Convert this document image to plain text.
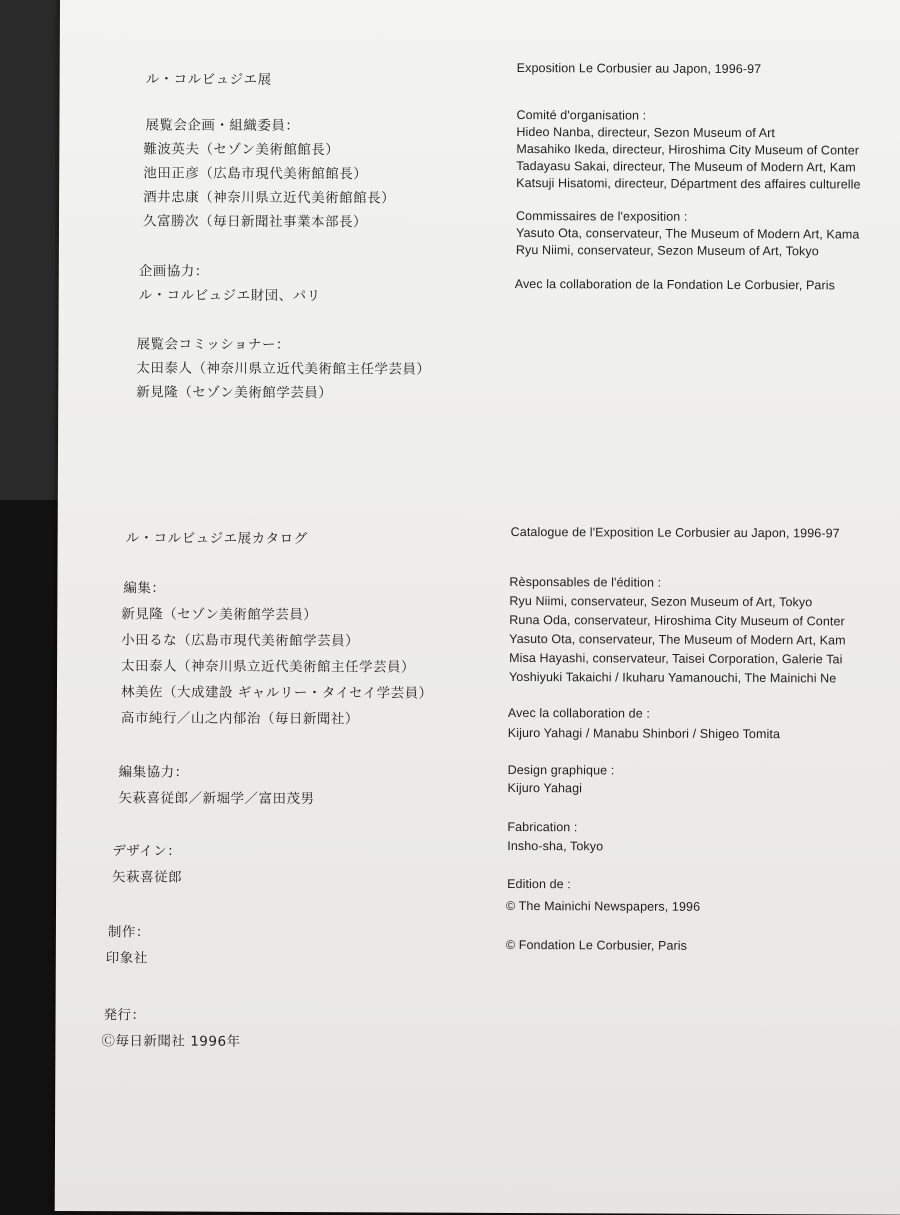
ル・コルビュジエ展
展覧会企画・組織委員：
難波英夫（セゾン美術館館長）
池田正彦（広島市現代美術館館長）
酒井忠康（神奈川県立近代美術館館長）
久富勝次（毎日新聞社事業本部長）
企画協力：
ル・コルビュジエ財団、パリ
展覧会コミッショナー：
太田泰人（神奈川県立近代美術館主任学芸員）
新見隆（セゾン美術館学芸員）
Exposition Le Corbusier au Japon, 1996-97
Comité d'organisation :
Hideo Nanba, directeur, Sezon Museum of Art
Masahiko Ikeda, directeur, Hiroshima City Museum of Conter
Tadayasu Sakai, directeur, The Museum of Modern Art, Kam
Katsuji Hisatomi, directeur, Départment des affaires culturelle
Commissaires de l'exposition :
Yasuto Ota, conservateur, The Museum of Modern Art, Kama
Ryu Niimi, conservateur, Sezon Museum of Art, Tokyo
Avec la collaboration de la Fondation Le Corbusier, Paris
ル・コルビュジエ展カタログ
編集：
新見隆（セゾン美術館学芸員）
小田るな（広島市現代美術館学芸員）
太田泰人（神奈川県立近代美術館主任学芸員）
林美佐（大成建設 ギャルリー・タイセイ学芸員）
高市純行／山之内郁治（毎日新聞社）
編集協力：
矢萩喜従郎／新堀学／富田茂男
デザイン：
矢萩喜従郎
制作：
印象社
発行：
Ⓒ毎日新聞社 1996年
Catalogue de l'Exposition Le Corbusier au Japon, 1996-97
Rèsponsables de l'édition :
Ryu Niimi, conservateur, Sezon Museum of Art, Tokyo
Runa Oda, conservateur, Hiroshima City Museum of Conter
Yasuto Ota, conservateur, The Museum of Modern Art, Kam
Misa Hayashi, conservateur, Taisei Corporation, Galerie Tai
Yoshiyuki Takaichi / Ikuharu Yamanouchi, The Mainichi Ne
Avec la collaboration de :
Kijuro Yahagi / Manabu Shinbori / Shigeo Tomita
Design graphique :
Kijuro Yahagi
Fabrication :
Insho-sha, Tokyo
Edition de :
© The Mainichi Newspapers, 1996
© Fondation Le Corbusier, Paris
